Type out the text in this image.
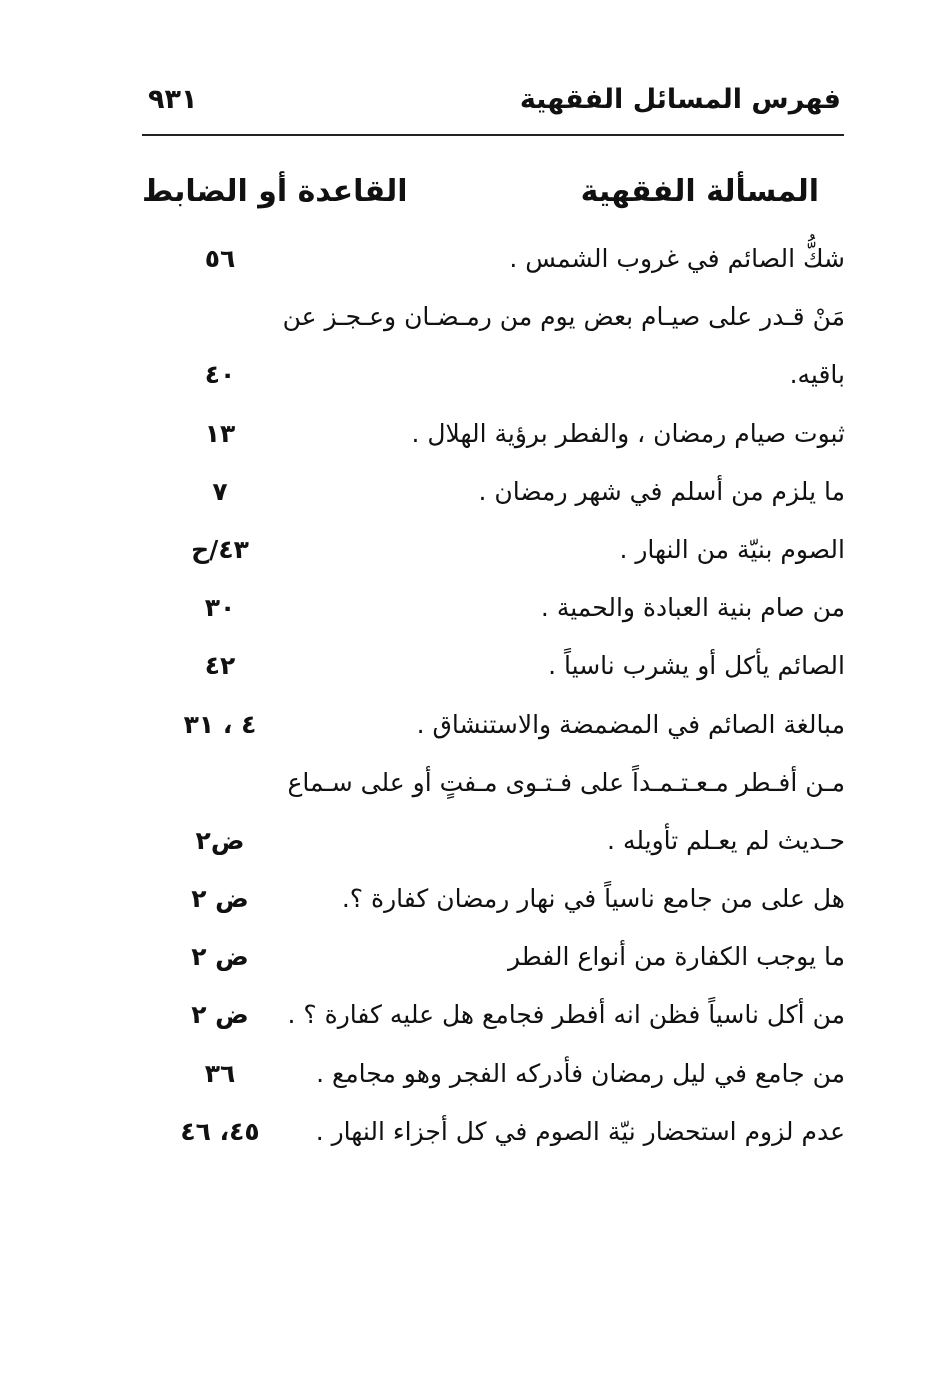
فهرس المسائل الفقهية
٩٣١
المسألة الفقهية
القاعدة أو الضابط
شكُّ الصائم في غروب الشمس .
٥٦
مَنْ قـدر على صيـام بعض يوم من رمـضـان وعـجـز عن
باقيه.
٤٠
ثبوت صيام رمضان ، والفطر برؤية الهلال .
١٣
ما يلزم من أسلم في شهر رمضان .
٧
الصوم بنيّة من النهار .
٤٣/ح
من صام بنية العبادة والحمية .
٣٠
الصائم يأكل أو يشرب ناسياً .
٤٢
مبالغة الصائم في المضمضة والاستنشاق .
٤ ، ٣١
مـن أفـطر مـعـتـمـداً على فـتـوى مـفتٍ أو على سـماع
حـديث لم يعـلم تأويله .
ض٢
هل على من جامع ناسياً في نهار رمضان كفارة ؟.
ض ٢
ما يوجب الكفارة من أنواع الفطر
ض ٢
من أكل ناسياً فظن انه أفطر فجامع هل عليه كفارة ؟ .
ض ٢
من جامع في ليل رمضان فأدركه الفجر وهو مجامع .
٣٦
عدم لزوم استحضار نيّة الصوم في كل أجزاء النهار .
٤٥، ٤٦
